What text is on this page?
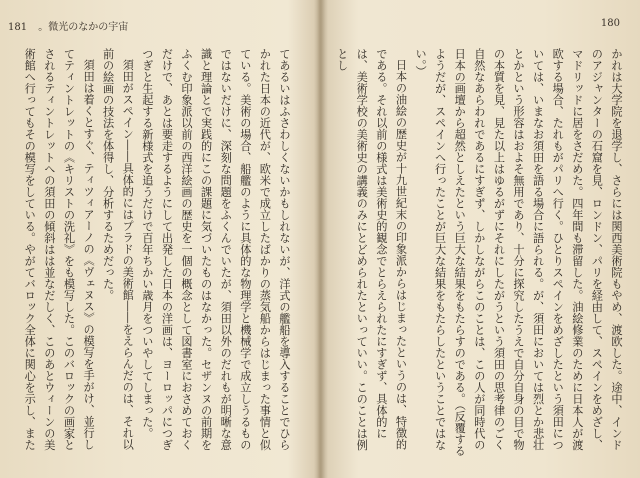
181 。微光のなかの宇宙	180

てあるいはふさわしくないかもしれないが、洋式の艦船を導入することでひらかれた日本の近代が、欧米で成立したばかりの蒸気船からはじまった事情と似ている。美術の場合、船艦のように具体的な物理学と機械学で成立しうるものではないだけに、深刻な問題をふくんでいたが、須田以外のだれもが明晰な意識と理論とで実践的にこの課題に気づいたものはなかった。セザンヌの前期をふくむ印象派以前の西洋絵画の歴史を一個の概念として図書室におさめておくだけで、あとは要走するようにして出発した日本の洋画は、ヨーロッパにつぎつぎと生起する新様式を追うだけで百年ちかい歳月をついやしてしまった。

須田がスペイン――具体的にはプラドの美術館――をえらんだのは、それ以前の絵画の技法を体得し、分析するためだった。

須田は着くとすぐ、ティツィアーノの《ヴェヌス》の模写を手がけ、並行してティントレットの《キリストの洗礼》をも模写した。このバロックの画家とされるティントレットへの須田の傾斜はは並なだしく、このあとウィーンの美術館へ行ってもその模写をしている。やがてバロック全体に関心を示し、また	かれは大学院を退学し、さらには関西美術院もやめ、渡欧した。途中、インドのアジャンターの石窟を見、ロンドン、パリを経由して、スペインをめざし、マドリッドに居をさだめた。四年間も滞留した。油絵修業のために日本人が渡欧する場合、たれもがパリへ行く。ひとりスペインをめざしたという須田については、いまなお須田を語る場合に語られる。が、須田においては烈とか悲壮とかという形容はおよそ無用であり、十分に探究したうえで自分自身の目で物の本質を見、見た以上はゆるがずにそれにしたがうという須田の思考律のごく自然なあらわれであるにすぎず、しかしながらこのことは、この人が同時代の日本の画壇から超然としえたという巨大な結果をもたらすのである。（反覆するようだが、スペインへ行ったことが巨大な結果をもたらしたということではない。）

日本の油絵の歴史が十九世紀末の印象派からはじまったというのは、特徴的である。それ以前の様式は美術史的観念でとらえられたにすぎず、具体的には、美術学校の美術史の講義のみにとどめられたといっていい。このことは例とし
